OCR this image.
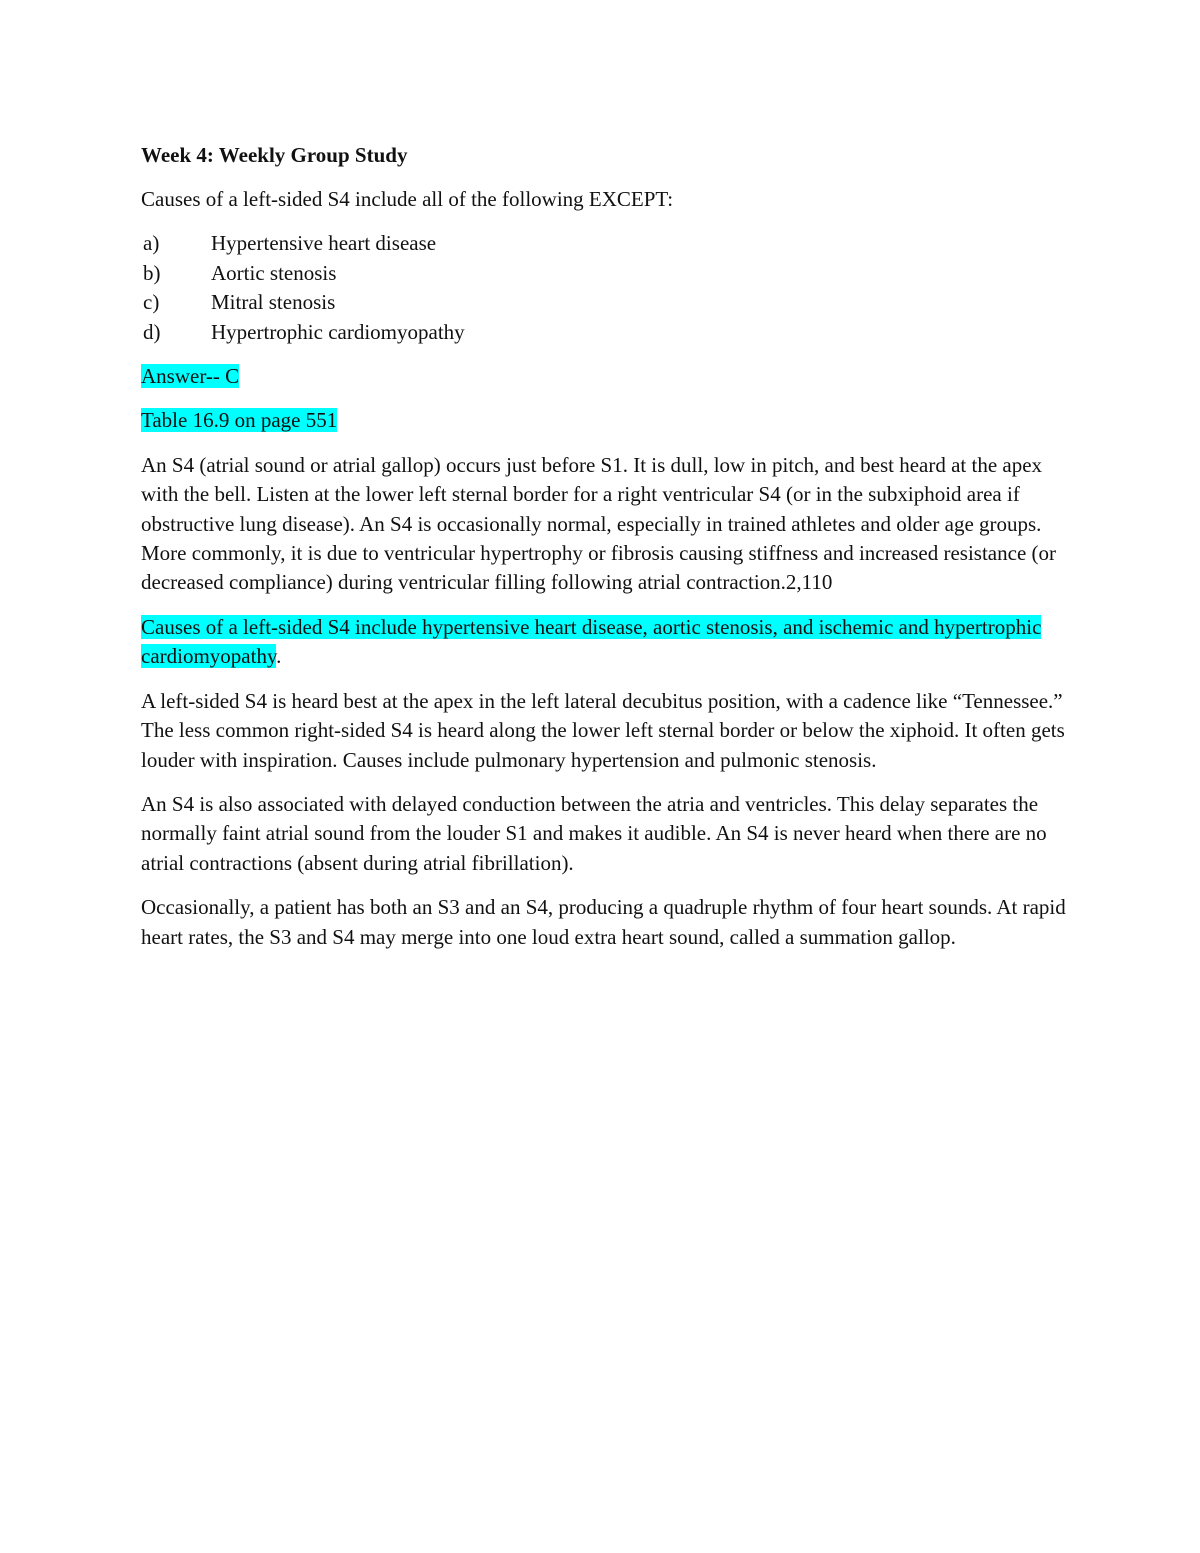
Week 4: Weekly Group Study
Causes of a left-sided S4 include all of the following EXCEPT:
a)	Hypertensive heart disease
b)	Aortic stenosis
c)	Mitral stenosis
d)	Hypertrophic cardiomyopathy
Answer-- C
Table 16.9 on page 551
An S4 (atrial sound or atrial gallop) occurs just before S1. It is dull, low in pitch, and best heard at the apex with the bell. Listen at the lower left sternal border for a right ventricular S4 (or in the subxiphoid area if obstructive lung disease). An S4 is occasionally normal, especially in trained athletes and older age groups. More commonly, it is due to ventricular hypertrophy or fibrosis causing stiffness and increased resistance (or decreased compliance) during ventricular filling following atrial contraction.2,110
Causes of a left-sided S4 include hypertensive heart disease, aortic stenosis, and ischemic and hypertrophic cardiomyopathy.
A left-sided S4 is heard best at the apex in the left lateral decubitus position, with a cadence like “Tennessee.” The less common right-sided S4 is heard along the lower left sternal border or below the xiphoid. It often gets louder with inspiration. Causes include pulmonary hypertension and pulmonic stenosis.
An S4 is also associated with delayed conduction between the atria and ventricles. This delay separates the normally faint atrial sound from the louder S1 and makes it audible. An S4 is never heard when there are no atrial contractions (absent during atrial fibrillation).
Occasionally, a patient has both an S3 and an S4, producing a quadruple rhythm of four heart sounds. At rapid heart rates, the S3 and S4 may merge into one loud extra heart sound, called a summation gallop.
